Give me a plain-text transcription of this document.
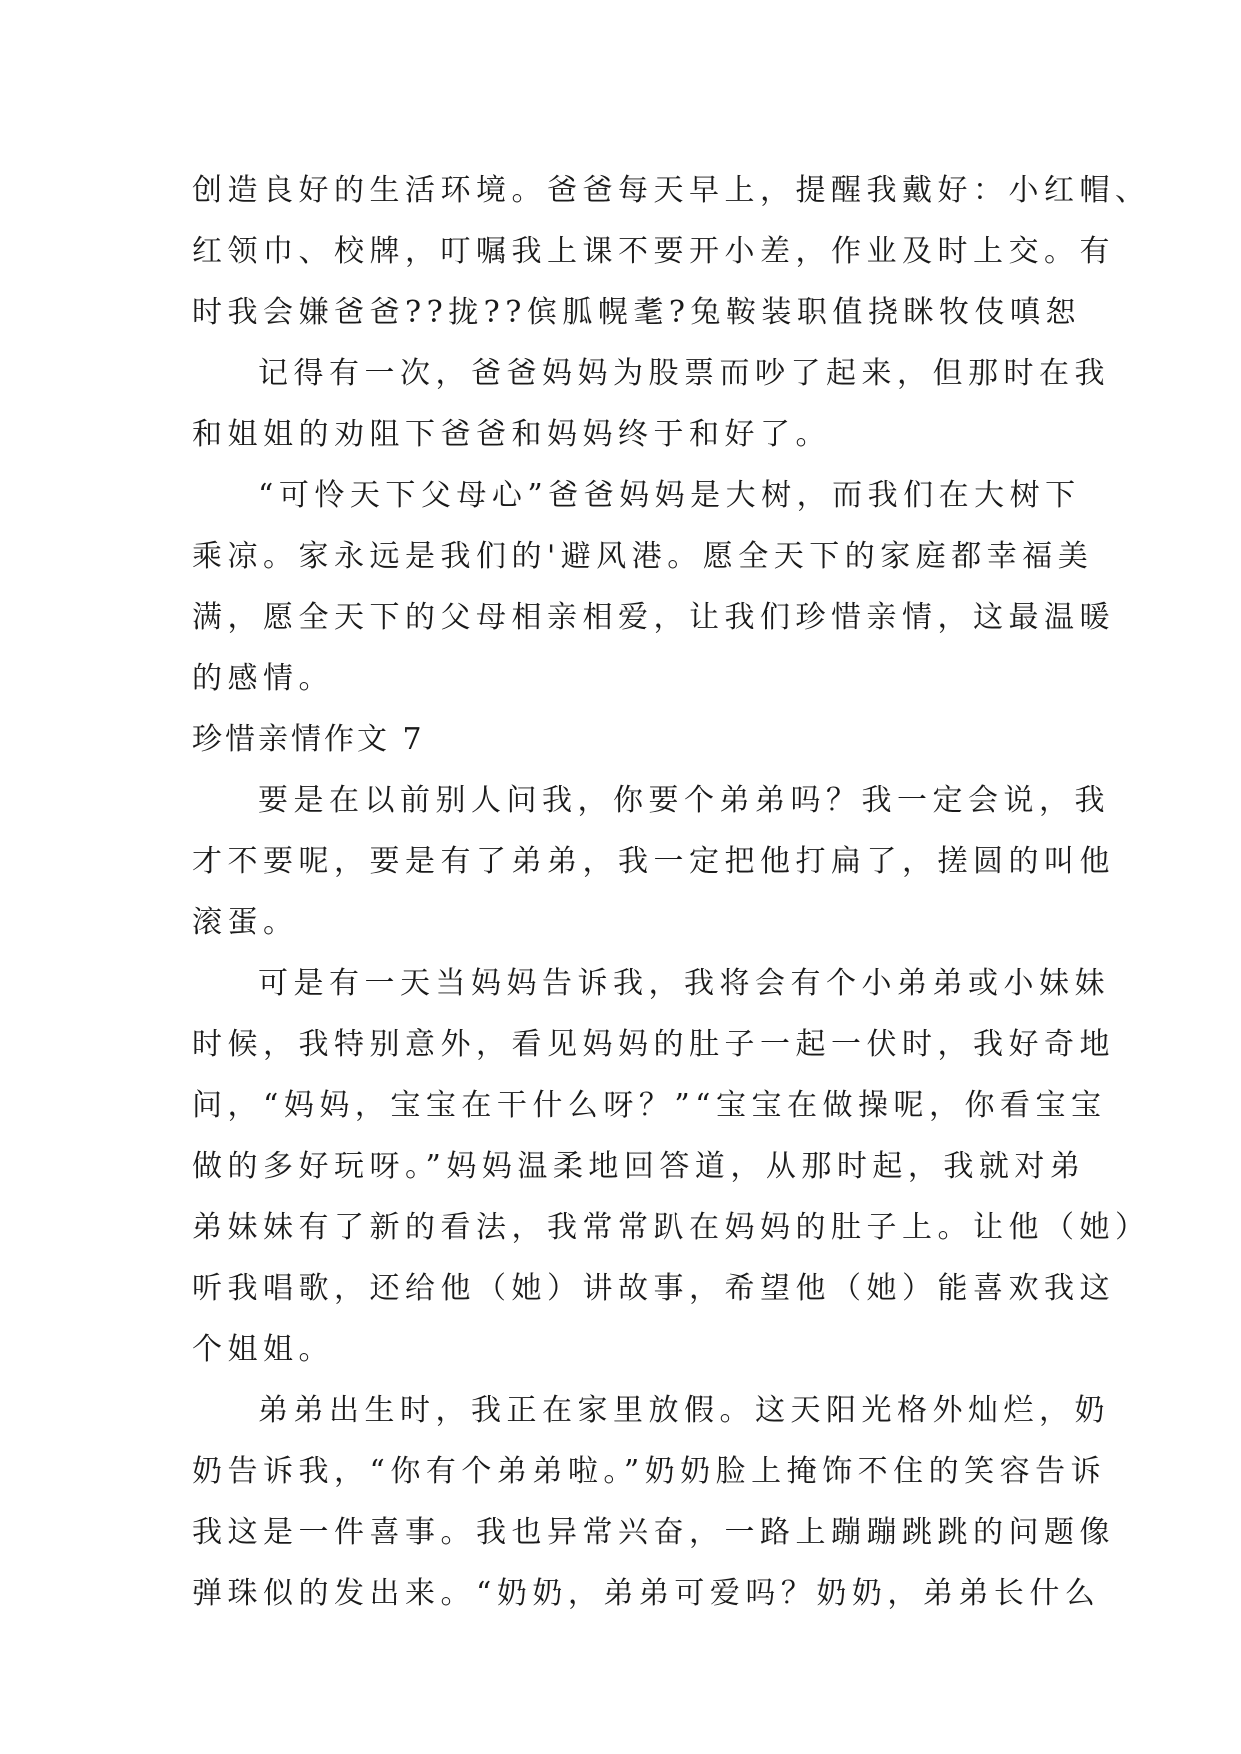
创造良好的生活环境。爸爸每天早上，提醒我戴好：小红帽、
红领巾、校牌，叮嘱我上课不要开小差，作业及时上交。有
时我会嫌爸爸??拢??傧胍幌耄?兔鞍装职值挠眯牧伎嗔恕
记得有一次，爸爸妈妈为股票而吵了起来，但那时在我
和姐姐的劝阻下爸爸和妈妈终于和好了。
“可怜天下父母心”爸爸妈妈是大树，而我们在大树下
乘凉。家永远是我们的'避风港。愿全天下的家庭都幸福美
满，愿全天下的父母相亲相爱，让我们珍惜亲情，这最温暖
的感情。
珍惜亲情作文 7
要是在以前别人问我，你要个弟弟吗？我一定会说，我
才不要呢，要是有了弟弟，我一定把他打扁了，搓圆的叫他
滚蛋。
可是有一天当妈妈告诉我，我将会有个小弟弟或小妹妹
时候，我特别意外，看见妈妈的肚子一起一伏时，我好奇地
问，“妈妈，宝宝在干什么呀？”“宝宝在做操呢，你看宝宝
做的多好玩呀。”妈妈温柔地回答道，从那时起，我就对弟
弟妹妹有了新的看法，我常常趴在妈妈的肚子上。让他（她）
听我唱歌，还给他（她）讲故事，希望他（她）能喜欢我这
个姐姐。
弟弟出生时，我正在家里放假。这天阳光格外灿烂，奶
奶告诉我，“你有个弟弟啦。”奶奶脸上掩饰不住的笑容告诉
我这是一件喜事。我也异常兴奋，一路上蹦蹦跳跳的问题像
弹珠似的发出来。“奶奶，弟弟可爱吗？奶奶，弟弟长什么
